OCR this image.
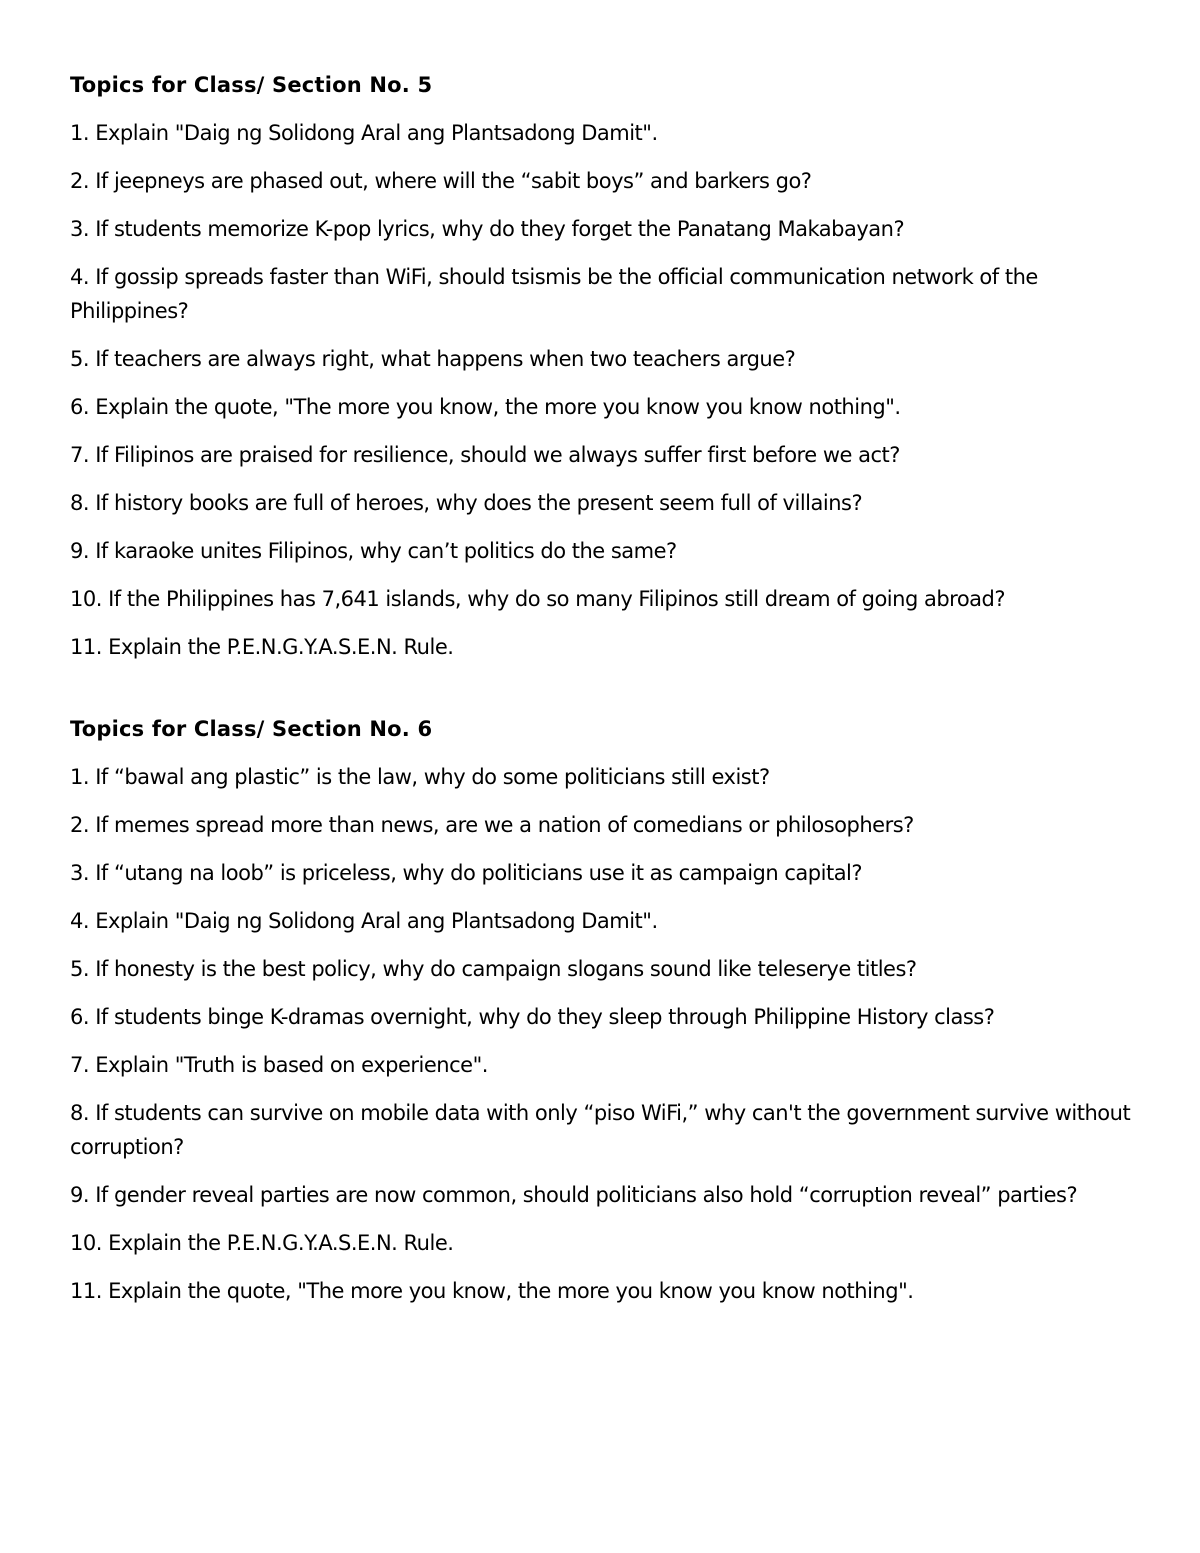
Topics for Class/ Section No. 5
1. Explain "Daig ng Solidong Aral ang Plantsadong Damit".
2. If jeepneys are phased out, where will the “sabit boys” and barkers go?
3. If students memorize K-pop lyrics, why do they forget the Panatang Makabayan?
4. If gossip spreads faster than WiFi, should tsismis be the official communication network of the Philippines?
5. If teachers are always right, what happens when two teachers argue?
6. Explain the quote, "The more you know, the more you know you know nothing".
7. If Filipinos are praised for resilience, should we always suffer first before we act?
8. If history books are full of heroes, why does the present seem full of villains?
9. If karaoke unites Filipinos, why can’t politics do the same?
10. If the Philippines has 7,641 islands, why do so many Filipinos still dream of going abroad?
11. Explain the P.E.N.G.Y.A.S.E.N. Rule.
Topics for Class/ Section No. 6
1. If “bawal ang plastic” is the law, why do some politicians still exist?
2. If memes spread more than news, are we a nation of comedians or philosophers?
3. If “utang na loob” is priceless, why do politicians use it as campaign capital?
4. Explain "Daig ng Solidong Aral ang Plantsadong Damit".
5. If honesty is the best policy, why do campaign slogans sound like teleserye titles?
6. If students binge K-dramas overnight, why do they sleep through Philippine History class?
7. Explain "Truth is based on experience".
8. If students can survive on mobile data with only “piso WiFi,” why can't the government survive without corruption?
9. If gender reveal parties are now common, should politicians also hold “corruption reveal” parties?
10. Explain the P.E.N.G.Y.A.S.E.N. Rule.
11. Explain the quote, "The more you know, the more you know you know nothing".
